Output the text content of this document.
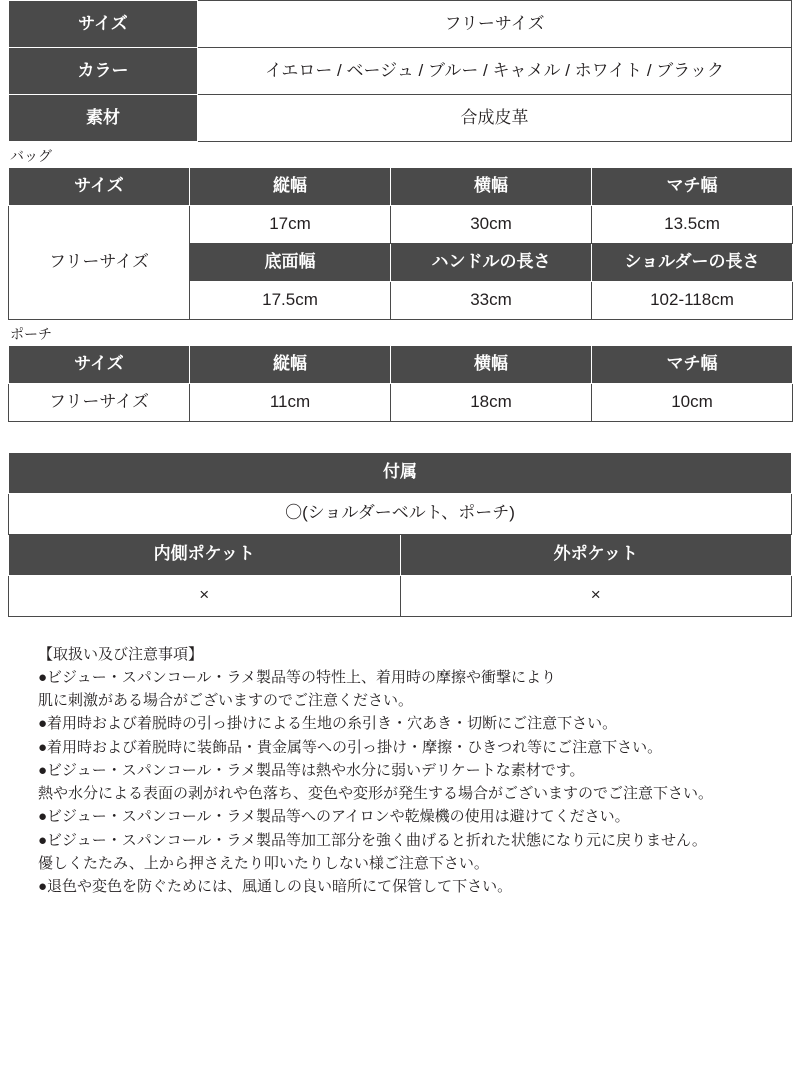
サイズ	フリーサイズ
カラー	イエロー / ベージュ / ブルー / キャメル / ホワイト / ブラック
素材	合成皮革
バッグ
サイズ	縦幅	横幅	マチ幅
フリーサイズ	17cm	30cm	13.5cm
	底面幅	ハンドルの長さ	ショルダーの長さ
	17.5cm	33cm	102-118cm
ポーチ
サイズ	縦幅	横幅	マチ幅
フリーサイズ	11cm	18cm	10cm
付属	
〇(ショルダーベルト、ポーチ)	
内側ポケット	外ポケット
×	×
【取扱い及び注意事項】
●ビジュー・スパンコール・ラメ製品等の特性上、着用時の摩擦や衝撃により
肌に刺激がある場合がございますのでご注意ください。
●着用時および着脱時の引っ掛けによる生地の糸引き・穴あき・切断にご注意下さい。
●着用時および着脱時に装飾品・貴金属等への引っ掛け・摩擦・ひきつれ等にご注意下さい。
●ビジュー・スパンコール・ラメ製品等は熱や水分に弱いデリケートな素材です。
熱や水分による表面の剥がれや色落ち、変色や変形が発生する場合がございますのでご注意下さい。
●ビジュー・スパンコール・ラメ製品等へのアイロンや乾燥機の使用は避けてください。
●ビジュー・スパンコール・ラメ製品等加工部分を強く曲げると折れた状態になり元に戻りません。
優しくたたみ、上から押さえたり叩いたりしない様ご注意下さい。
●退色や変色を防ぐためには、風通しの良い暗所にて保管して下さい。
